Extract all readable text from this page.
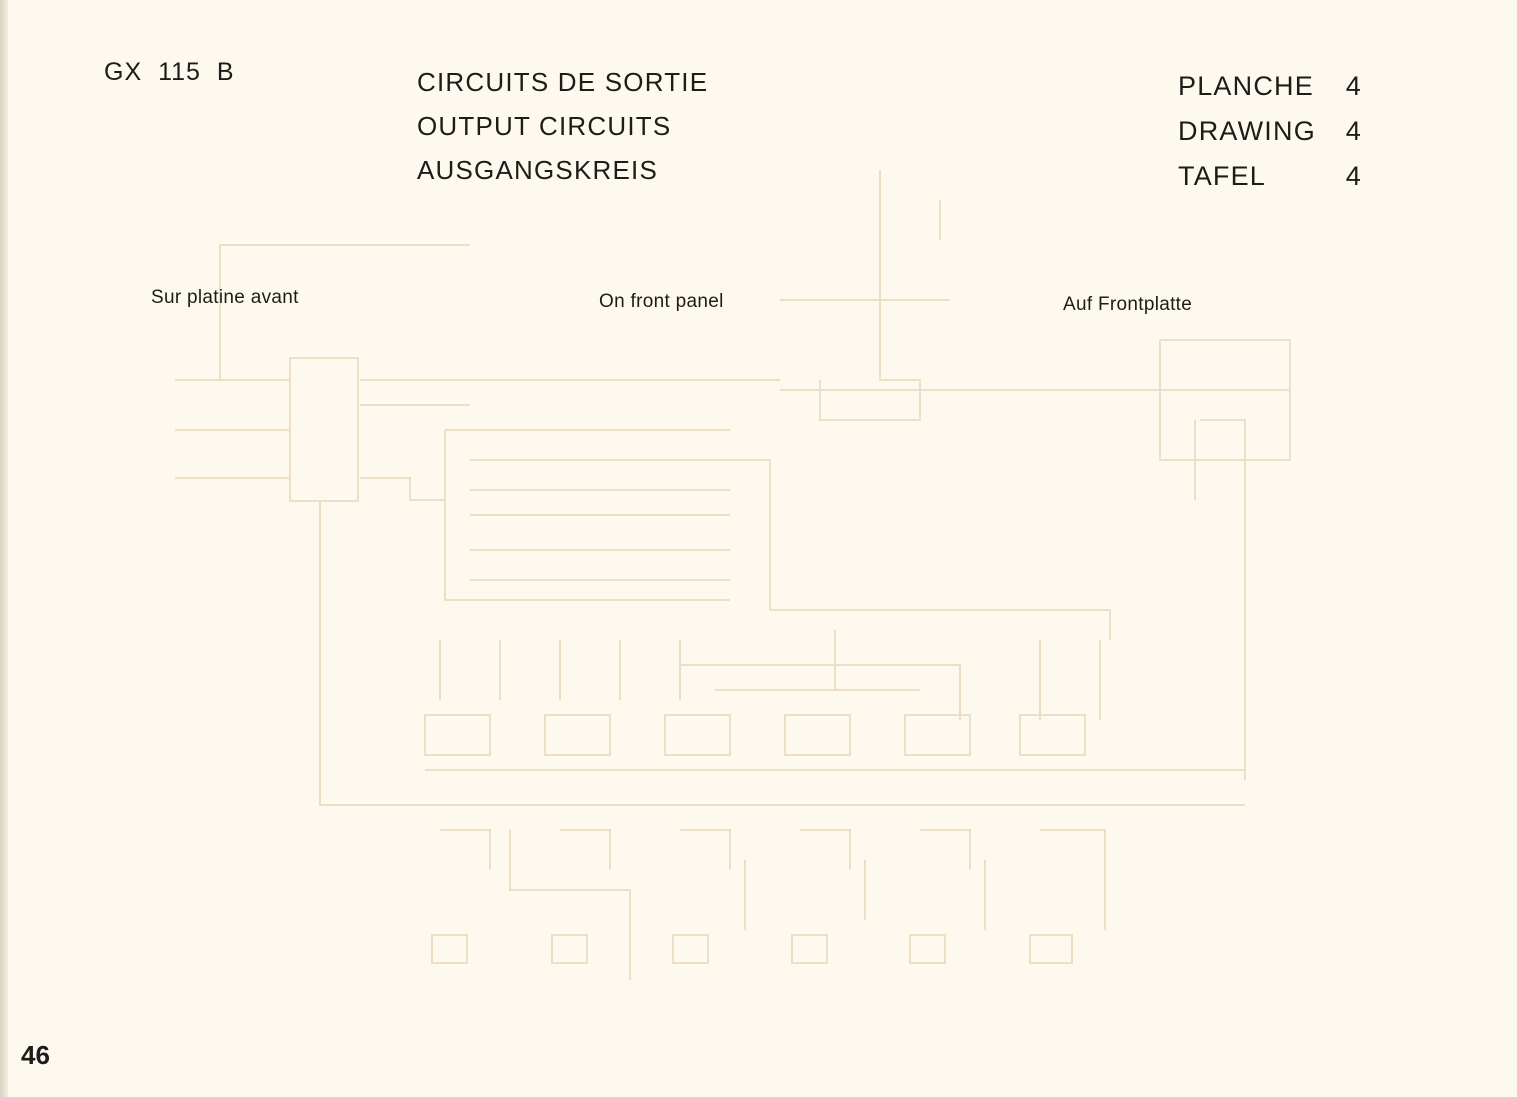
GX 115 B	CIRCUITS DE SORTIE
OUTPUT CIRCUITS
AUSGANGSKREIS
PLANCHE 4
DRAWING 4
TAFEL	4
Sur platine avant	On front panel	Auf Frontplatte
46
